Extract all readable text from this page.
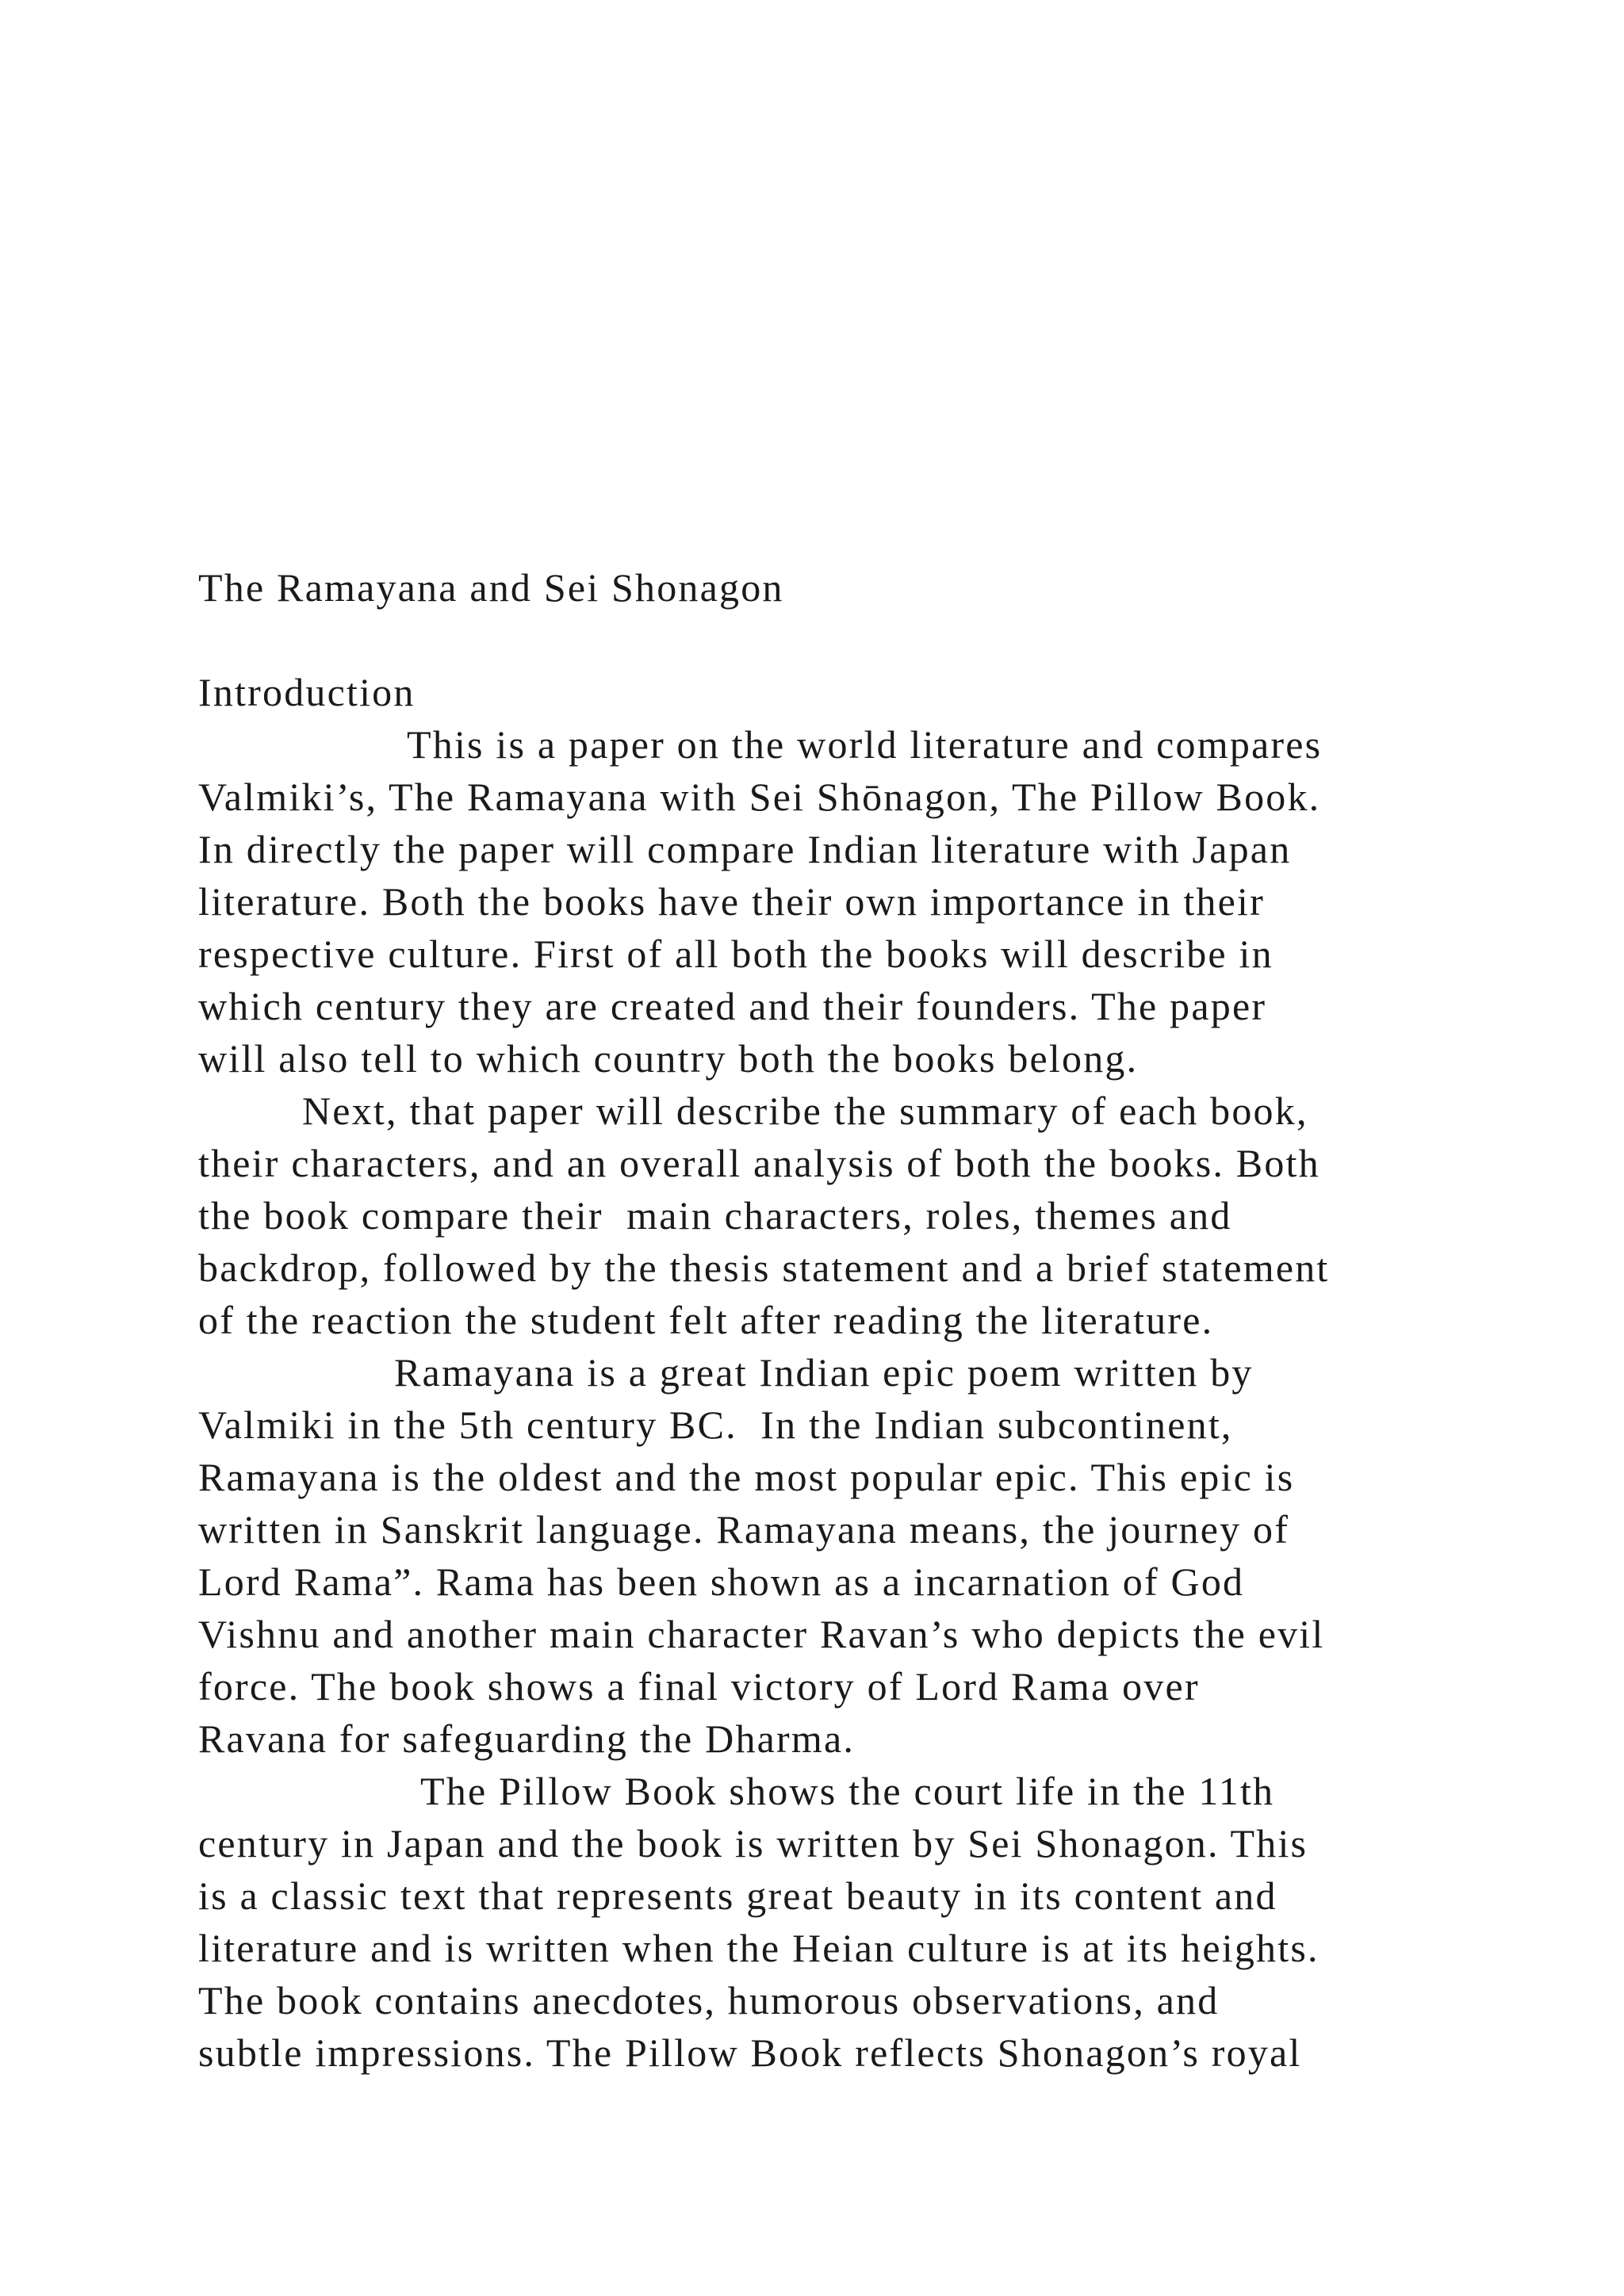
The Ramayana and Sei Shonagon

Introduction

This is a paper on the world literature and compares

Valmiki’s, The Ramayana with Sei Shōnagon, The Pillow Book.

In directly the paper will compare Indian literature with Japan

literature. Both the books have their own importance in their

respective culture. First of all both the books will describe in

which century they are created and their founders. The paper

will also tell to which country both the books belong.

Next, that paper will describe the summary of each book,

their characters, and an overall analysis of both the books. Both

the book compare their  main characters, roles, themes and

backdrop, followed by the thesis statement and a brief statement

of the reaction the student felt after reading the literature.

Ramayana is a great Indian epic poem written by

Valmiki in the 5th century BC.  In the Indian subcontinent,

Ramayana is the oldest and the most popular epic. This epic is

written in Sanskrit language. Ramayana means, the journey of

Lord Rama”. Rama has been shown as a incarnation of God

Vishnu and another main character Ravan’s who depicts the evil

force. The book shows a final victory of Lord Rama over

Ravana for safeguarding the Dharma.

The Pillow Book shows the court life in the 11th

century in Japan and the book is written by Sei Shonagon. This

is a classic text that represents great beauty in its content and

literature and is written when the Heian culture is at its heights.

The book contains anecdotes, humorous observations, and

subtle impressions. The Pillow Book reflects Shonagon’s royal
